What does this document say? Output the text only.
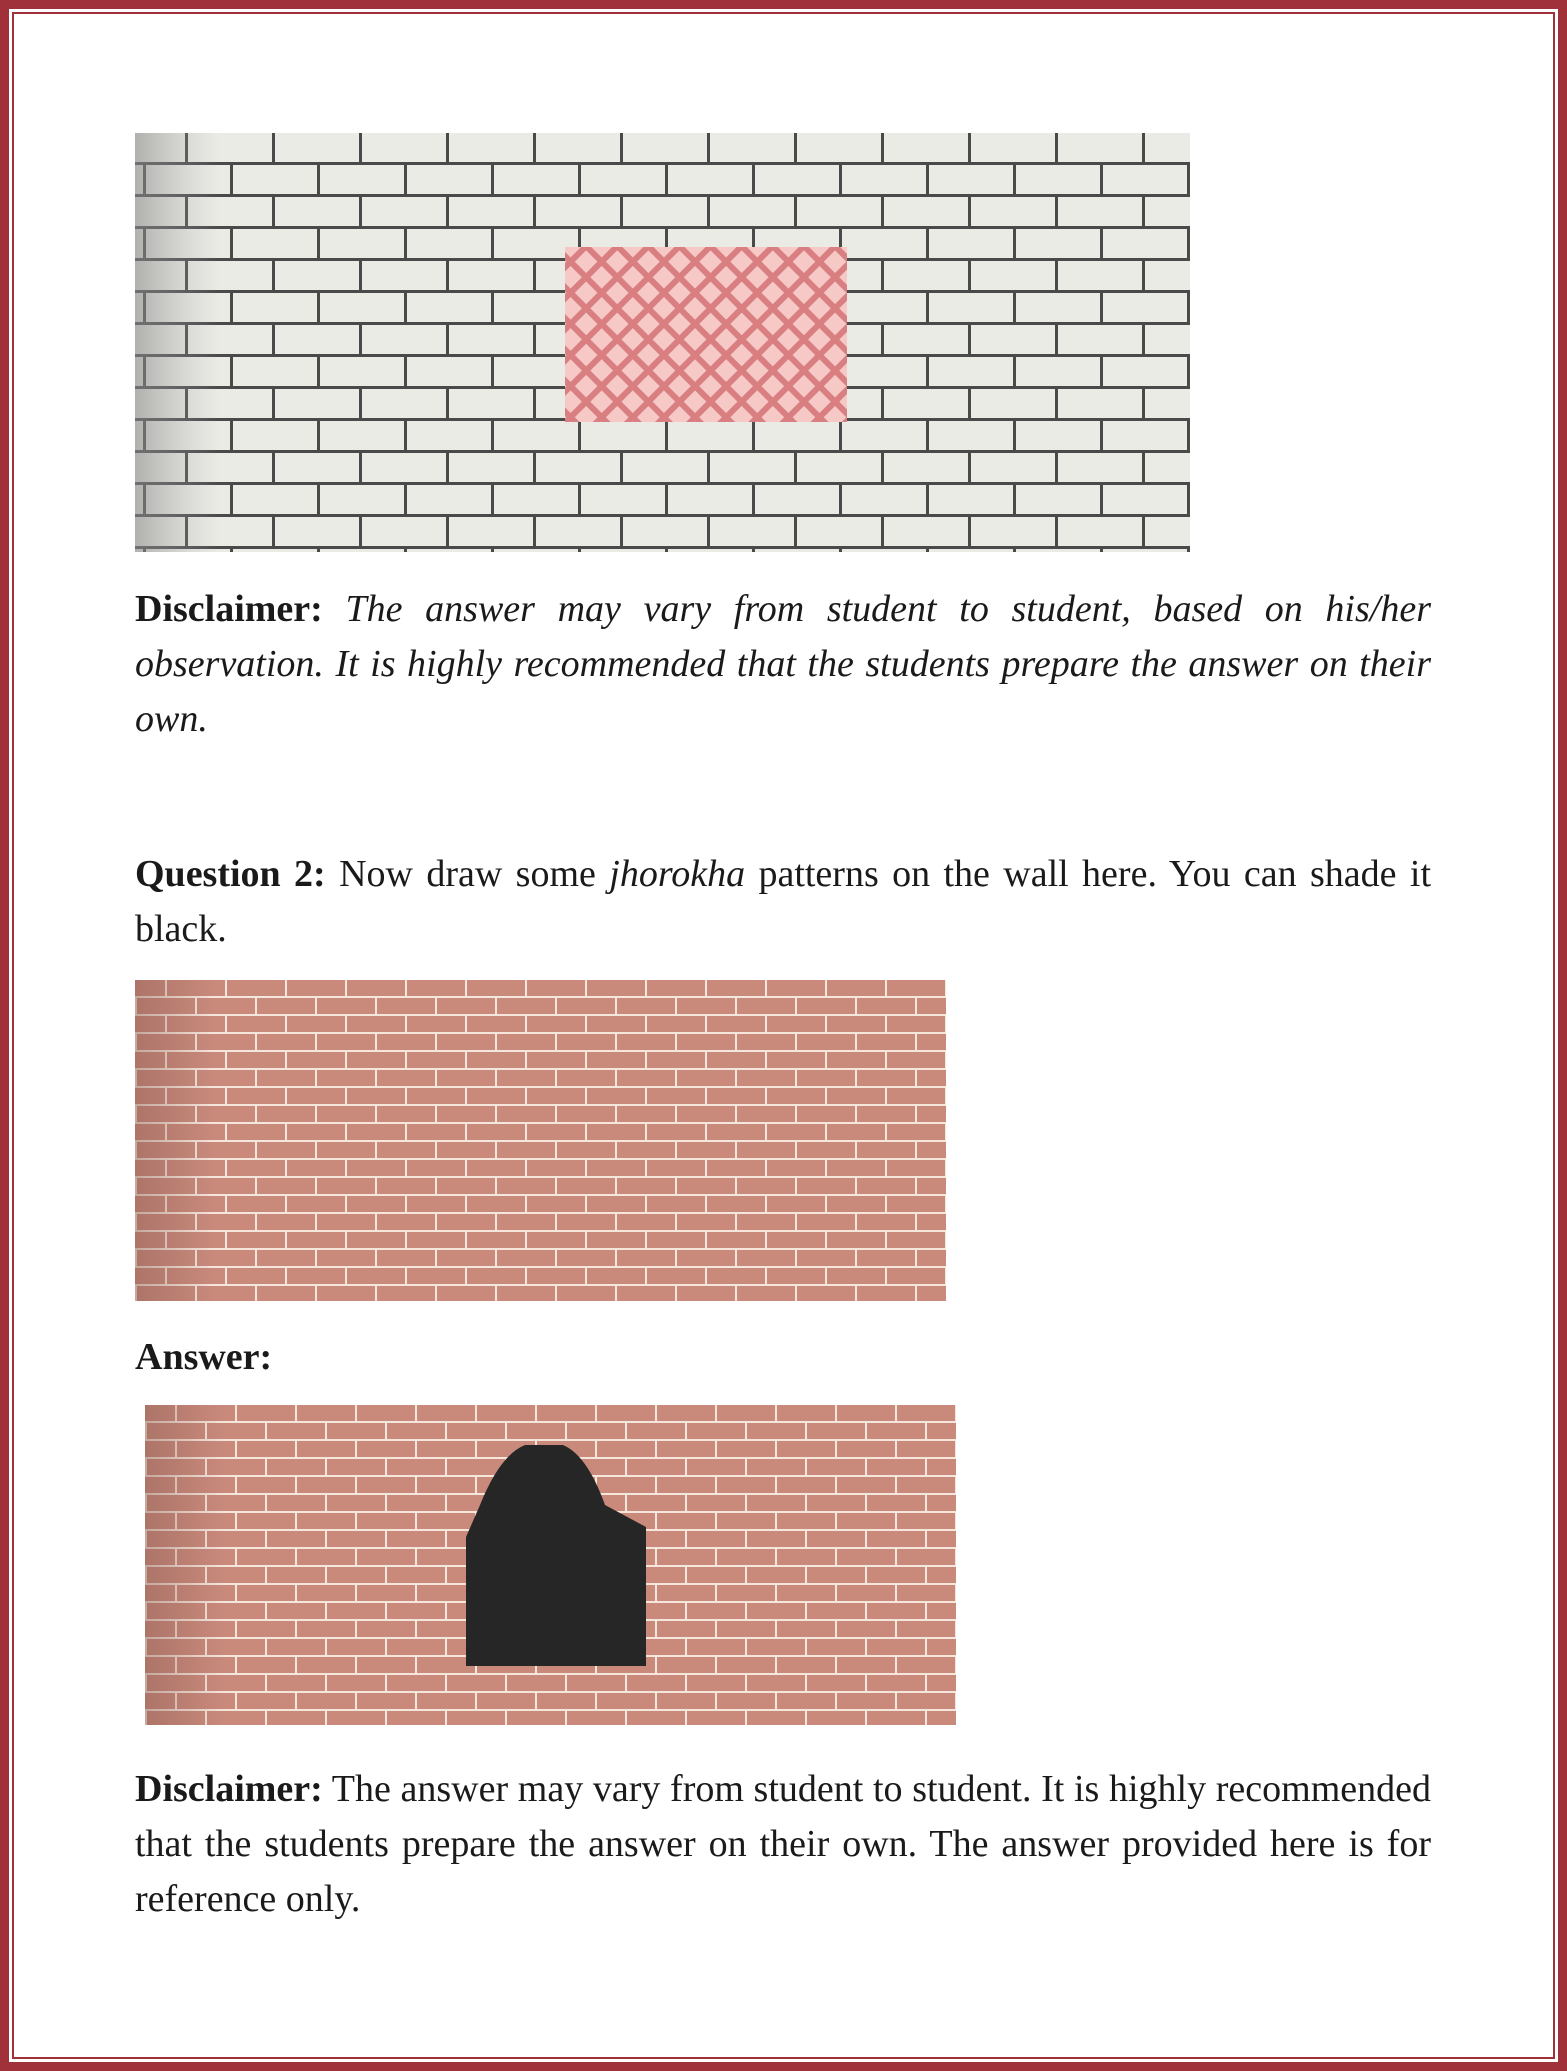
Disclaimer: The answer may vary from student to student, based on his/her observation. It is highly recommended that the students prepare the answer on their own.
Question 2: Now draw some jhorokha patterns on the wall here. You can shade it black.
Answer:
Disclaimer: The answer may vary from student to student. It is highly recommended that the students prepare the answer on their own. The answer provided here is for reference only.
